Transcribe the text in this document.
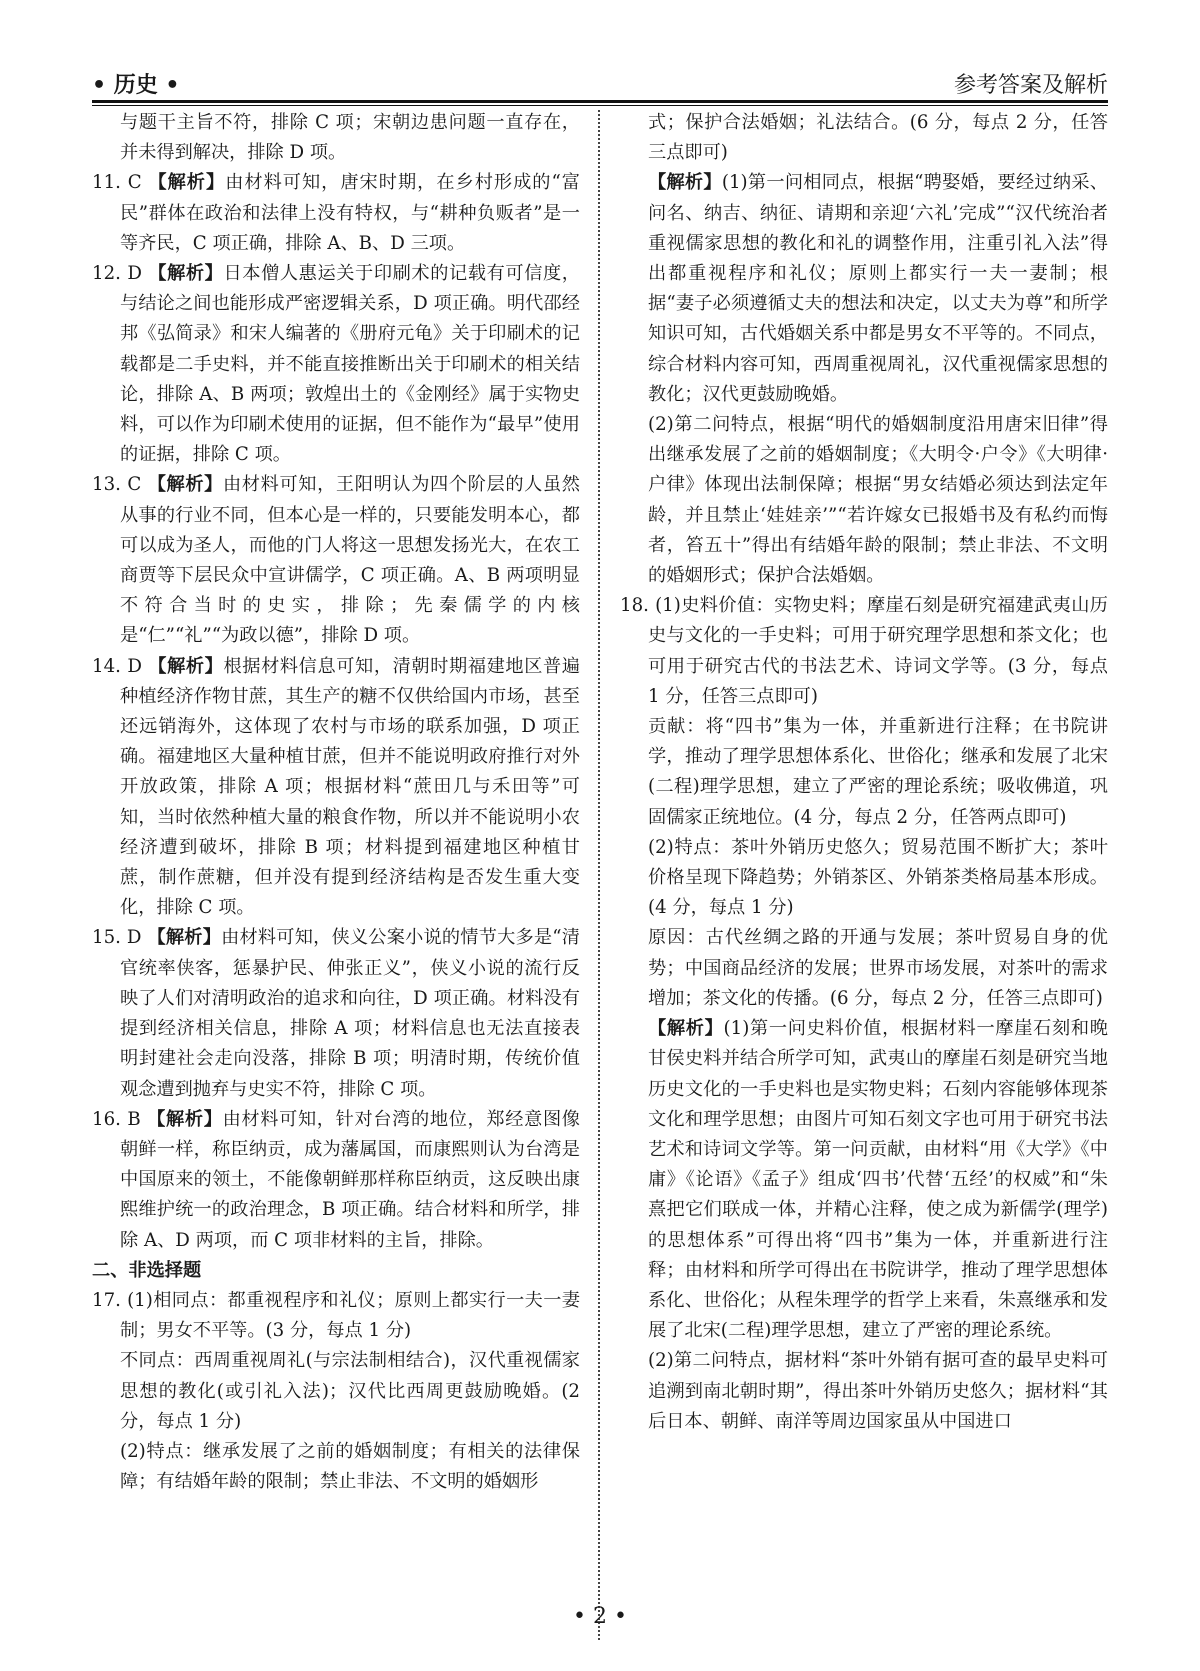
• 历史 •	参考答案及解析

与题干主旨不符，排除 C 项；宋朝边患问题一直存在，并未得到解决，排除 D 项。

11. C 【解析】由材料可知，唐宋时期，在乡村形成的“富民”群体在政治和法律上没有特权，与“耕种负贩者”是一等齐民，C 项正确，排除 A、B、D 三项。

12. D 【解析】日本僧人惠运关于印刷术的记载有可信度，与结论之间也能形成严密逻辑关系，D 项正确。明代邵经邦《弘简录》和宋人编著的《册府元龟》关于印刷术的记载都是二手史料，并不能直接推断出关于印刷术的相关结论，排除 A、B 两项；敦煌出土的《金刚经》属于实物史料，可以作为印刷术使用的证据，但不能作为“最早”使用的证据，排除 C 项。

13. C 【解析】由材料可知，王阳明认为四个阶层的人虽然从事的行业不同，但本心是一样的，只要能发明本心，都可以成为圣人，而他的门人将这一思想发扬光大，在农工商贾等下层民众中宣讲儒学，C 项正确。A、B 两项明显不符合当时的史实，排除；先秦儒学的内核是“仁”“礼”“为政以德”，排除 D 项。

14. D 【解析】根据材料信息可知，清朝时期福建地区普遍种植经济作物甘蔗，其生产的糖不仅供给国内市场，甚至还远销海外，这体现了农村与市场的联系加强，D 项正确。福建地区大量种植甘蔗，但并不能说明政府推行对外开放政策，排除 A 项；根据材料“蔗田几与禾田等”可知，当时依然种植大量的粮食作物，所以并不能说明小农经济遭到破坏，排除 B 项；材料提到福建地区种植甘蔗，制作蔗糖，但并没有提到经济结构是否发生重大变化，排除 C 项。

15. D 【解析】由材料可知，侠义公案小说的情节大多是“清官统率侠客，惩暴护民、伸张正义”，侠义小说的流行反映了人们对清明政治的追求和向往，D 项正确。材料没有提到经济相关信息，排除 A 项；材料信息也无法直接表明封建社会走向没落，排除 B 项；明清时期，传统价值观念遭到抛弃与史实不符，排除 C 项。

16. B 【解析】由材料可知，针对台湾的地位，郑经意图像朝鲜一样，称臣纳贡，成为藩属国，而康熙则认为台湾是中国原来的领土，不能像朝鲜那样称臣纳贡，这反映出康熙维护统一的政治理念，B 项正确。结合材料和所学，排除 A、D 两项，而 C 项非材料的主旨，排除。

二、非选择题

17. (1)相同点：都重视程序和礼仪；原则上都实行一夫一妻制；男女不平等。(3 分，每点 1 分)

不同点：西周重视周礼(与宗法制相结合)，汉代重视儒家思想的教化(或引礼入法)；汉代比西周更鼓励晚婚。(2 分，每点 1 分)

(2)特点：继承发展了之前的婚姻制度；有相关的法律保障；有结婚年龄的限制；禁止非法、不文明的婚姻形

式；保护合法婚姻；礼法结合。(6 分，每点 2 分，任答三点即可)

【解析】(1)第一问相同点，根据“聘娶婚，要经过纳采、问名、纳吉、纳征、请期和亲迎‘六礼’完成”“汉代统治者重视儒家思想的教化和礼的调整作用，注重引礼入法”得出都重视程序和礼仪；原则上都实行一夫一妻制；根据“妻子必须遵循丈夫的想法和决定，以丈夫为尊”和所学知识可知，古代婚姻关系中都是男女不平等的。不同点，综合材料内容可知，西周重视周礼，汉代重视儒家思想的教化；汉代更鼓励晚婚。

(2)第二问特点，根据“明代的婚姻制度沿用唐宋旧律”得出继承发展了之前的婚姻制度；《大明令·户令》《大明律·户律》体现出法制保障；根据“男女结婚必须达到法定年龄，并且禁止‘娃娃亲’”“若许嫁女已报婚书及有私约而悔者，笞五十”得出有结婚年龄的限制；禁止非法、不文明的婚姻形式；保护合法婚姻。

18. (1)史料价值：实物史料；摩崖石刻是研究福建武夷山历史与文化的一手史料；可用于研究理学思想和茶文化；也可用于研究古代的书法艺术、诗词文学等。(3 分，每点 1 分，任答三点即可)

贡献：将“四书”集为一体，并重新进行注释；在书院讲学，推动了理学思想体系化、世俗化；继承和发展了北宋(二程)理学思想，建立了严密的理论系统；吸收佛道，巩固儒家正统地位。(4 分，每点 2 分，任答两点即可)

(2)特点：茶叶外销历史悠久；贸易范围不断扩大；茶叶价格呈现下降趋势；外销茶区、外销茶类格局基本形成。(4 分，每点 1 分)

原因：古代丝绸之路的开通与发展；茶叶贸易自身的优势；中国商品经济的发展；世界市场发展，对茶叶的需求增加；茶文化的传播。(6 分，每点 2 分，任答三点即可)

【解析】(1)第一问史料价值，根据材料一摩崖石刻和晚甘侯史料并结合所学可知，武夷山的摩崖石刻是研究当地历史文化的一手史料也是实物史料；石刻内容能够体现茶文化和理学思想；由图片可知石刻文字也可用于研究书法艺术和诗词文学等。第一问贡献，由材料“用《大学》《中庸》《论语》《孟子》组成‘四书’代替‘五经’的权威”和“朱熹把它们联成一体，并精心注释，使之成为新儒学(理学)的思想体系”可得出将“四书”集为一体，并重新进行注释；由材料和所学可得出在书院讲学，推动了理学思想体系化、世俗化；从程朱理学的哲学上来看，朱熹继承和发展了北宋(二程)理学思想，建立了严密的理论系统。

(2)第二问特点，据材料“茶叶外销有据可查的最早史料可追溯到南北朝时期”，得出茶叶外销历史悠久；据材料“其后日本、朝鲜、南洋等周边国家虽从中国进口

• 2 •
